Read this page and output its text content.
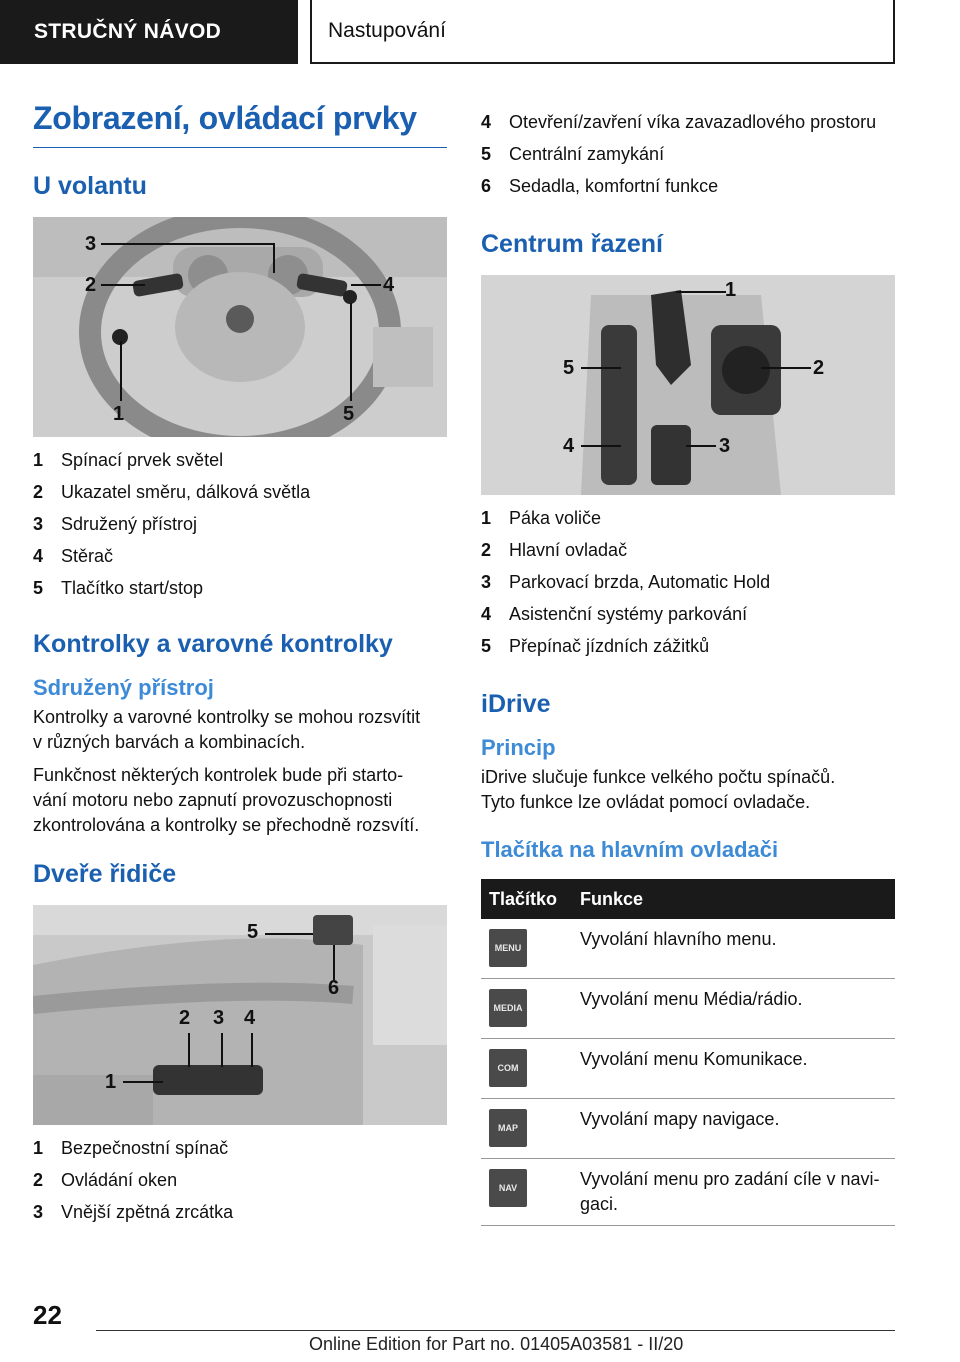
STRUČNÝ NÁVOD	Nastupování
Zobrazení, ovládací prvky
U volantu
3
2	4
1	5
1 Spínací prvek světel
2 Ukazatel směru, dálková světla
3 Sdružený přístroj
4 Stěrač
5 Tlačítko start/stop
Kontrolky a varovné kontrolky
Sdružený přístroj

Kontrolky a varovné kontrolky se mohou rozsvítit
v různých barvách a kombinacích.

Funkčnost některých kontrolek bude při starto-
vání motoru nebo zapnutí provozuschopnosti
zkontrolována a kontrolky se přechodně rozsvítí.

Dveře řidiče
5
6
2 3 4
1
1 Bezpečnostní spínač
2 Ovládání oken
3 Vnější zpětná zrcátka
4 Otevření/zavření víka zavazadlového prostoru
5 Centrální zamykání
6 Sedadla, komfortní funkce
Centrum řazení
1
2
5
4	3
1 Páka voliče
2 Hlavní ovladač
3 Parkovací brzda, Automatic Hold
4 Asistenční systémy parkování
5 Přepínač jízdních zážitků
iDrive
Princip

iDrive slučuje funkce velkého počtu spínačů.
Tyto funkce lze ovládat pomocí ovladače.

Tlačítka na hlavním ovladači
Tlačítko	Funkce

MENU	Vyvolání hlavního menu.

MEDIA	Vyvolání menu Média/rádio.

COM	Vyvolání menu Komunikace.

MAP	Vyvolání mapy navigace.

NAV	Vyvolání menu pro zadání cíle v navi-
gaci.
22
Online Edition for Part no. 01405A03581 - II/20
